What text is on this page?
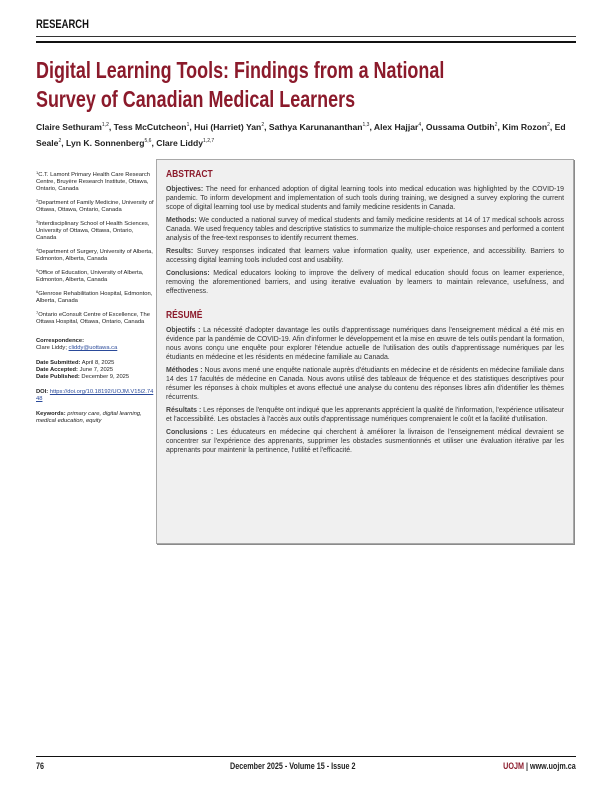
RESEARCH
Digital Learning Tools: Findings from a National
Survey of Canadian Medical Learners
Claire Sethuram$^{1,2}$, Tess McCutcheon$^1$, Hui (Harriet) Yan$^2$, Sathya Karunananthan$^{1,3}$, Alex Hajjar$^4$, Oussama Outbih$^2$, Kim Rozon$^2$, Ed Seale$^2$, Lyn K. Sonnenberg$^{5,6}$, Clare Liddy$^{1,2,7}$
$^1$C.T. Lamont Primary Health Care Research Centre, Bruyère Research Institute, Ottawa, Ontario, Canada
$^2$Department of Family Medicine, University of Ottawa, Ottawa, Ontario, Canada
$^3$Interdisciplinary School of Health Sciences, University of Ottawa, Ottawa, Ontario, Canada
$^4$Department of Surgery, University of Alberta, Edmonton, Alberta, Canada
$^5$Office of Education, University of Alberta, Edmonton, Alberta, Canada
$^6$Glenrose Rehabilitation Hospital, Edmonton, Alberta, Canada
$^7$Ontario eConsult Centre of Excellence, The Ottawa Hospital, Ottawa, Ontario, Canada
Correspondence:
Clare Liddy; cliddy@uottawa.ca
Date Submitted: April 8, 2025
Date Accepted: June 7, 2025
Date Published: December 9, 2025
DOI: https://doi.org/10.18192/UOJM.V15i2.7448
Keywords: primary care, digital learning, medical education, equity
ABSTRACT

Objectives: The need for enhanced adoption of digital learning tools into medical education was highlighted by the COVID-19 pandemic. To inform development and implementation of such tools during training, we designed a survey exploring the current scope of digital learning tool use by medical students and family medicine residents in Canada.

Methods: We conducted a national survey of medical students and family medicine residents at 14 of 17 medical schools across Canada. We used frequency tables and descriptive statistics to summarize the multiple-choice responses and performed a content analysis of the free-text responses to identify recurrent themes.

Results: Survey responses indicated that learners value information quality, user experience, and accessibility. Barriers to accessing digital learning tools included cost and usability.

Conclusions: Medical educators looking to improve the delivery of medical education should focus on learner experience, removing the aforementioned barriers, and using iterative evaluation by learners to maintain relevance, usefulness, and effectiveness.

RÉSUMÉ

Objectifs : La nécessité d'adopter davantage les outils d'apprentissage numériques dans l'enseignement médical a été mis en évidence par la pandémie de COVID-19. Afin d'informer le développement et la mise en œuvre de tels outils pendant la formation, nous avons conçu une enquête pour explorer l'étendue actuelle de l'utilisation des outils d'apprentissage numériques par les étudiants en médecine et les résidents en médecine familiale au Canada.

Méthodes : Nous avons mené une enquête nationale auprès d'étudiants en médecine et de résidents en médecine familiale dans 14 des 17 facultés de médecine en Canada. Nous avons utilisé des tableaux de fréquence et des statistiques descriptives pour résumer les réponses à choix multiples et avons effectué une analyse du contenu des réponses libres afin d'identifier les thèmes récurrents.

Résultats : Les réponses de l'enquête ont indiqué que les apprenants apprécient la qualité de l'information, l'expérience utilisateur et l'accessibilité. Les obstacles à l'accès aux outils d'apprentissage numériques comprenaient le coût et la facilité d'utilisation.

Conclusions : Les éducateurs en médecine qui cherchent à améliorer la livraison de l'enseignement médical devraient se concentrer sur l'expérience des apprenants, supprimer les obstacles susmentionnés et utiliser une évaluation itérative par les apprenants pour maintenir la pertinence, l'utilité et l'efficacité.

76	December 2025 - Volume 15 - Issue 2	UOJM | www.uojm.ca
